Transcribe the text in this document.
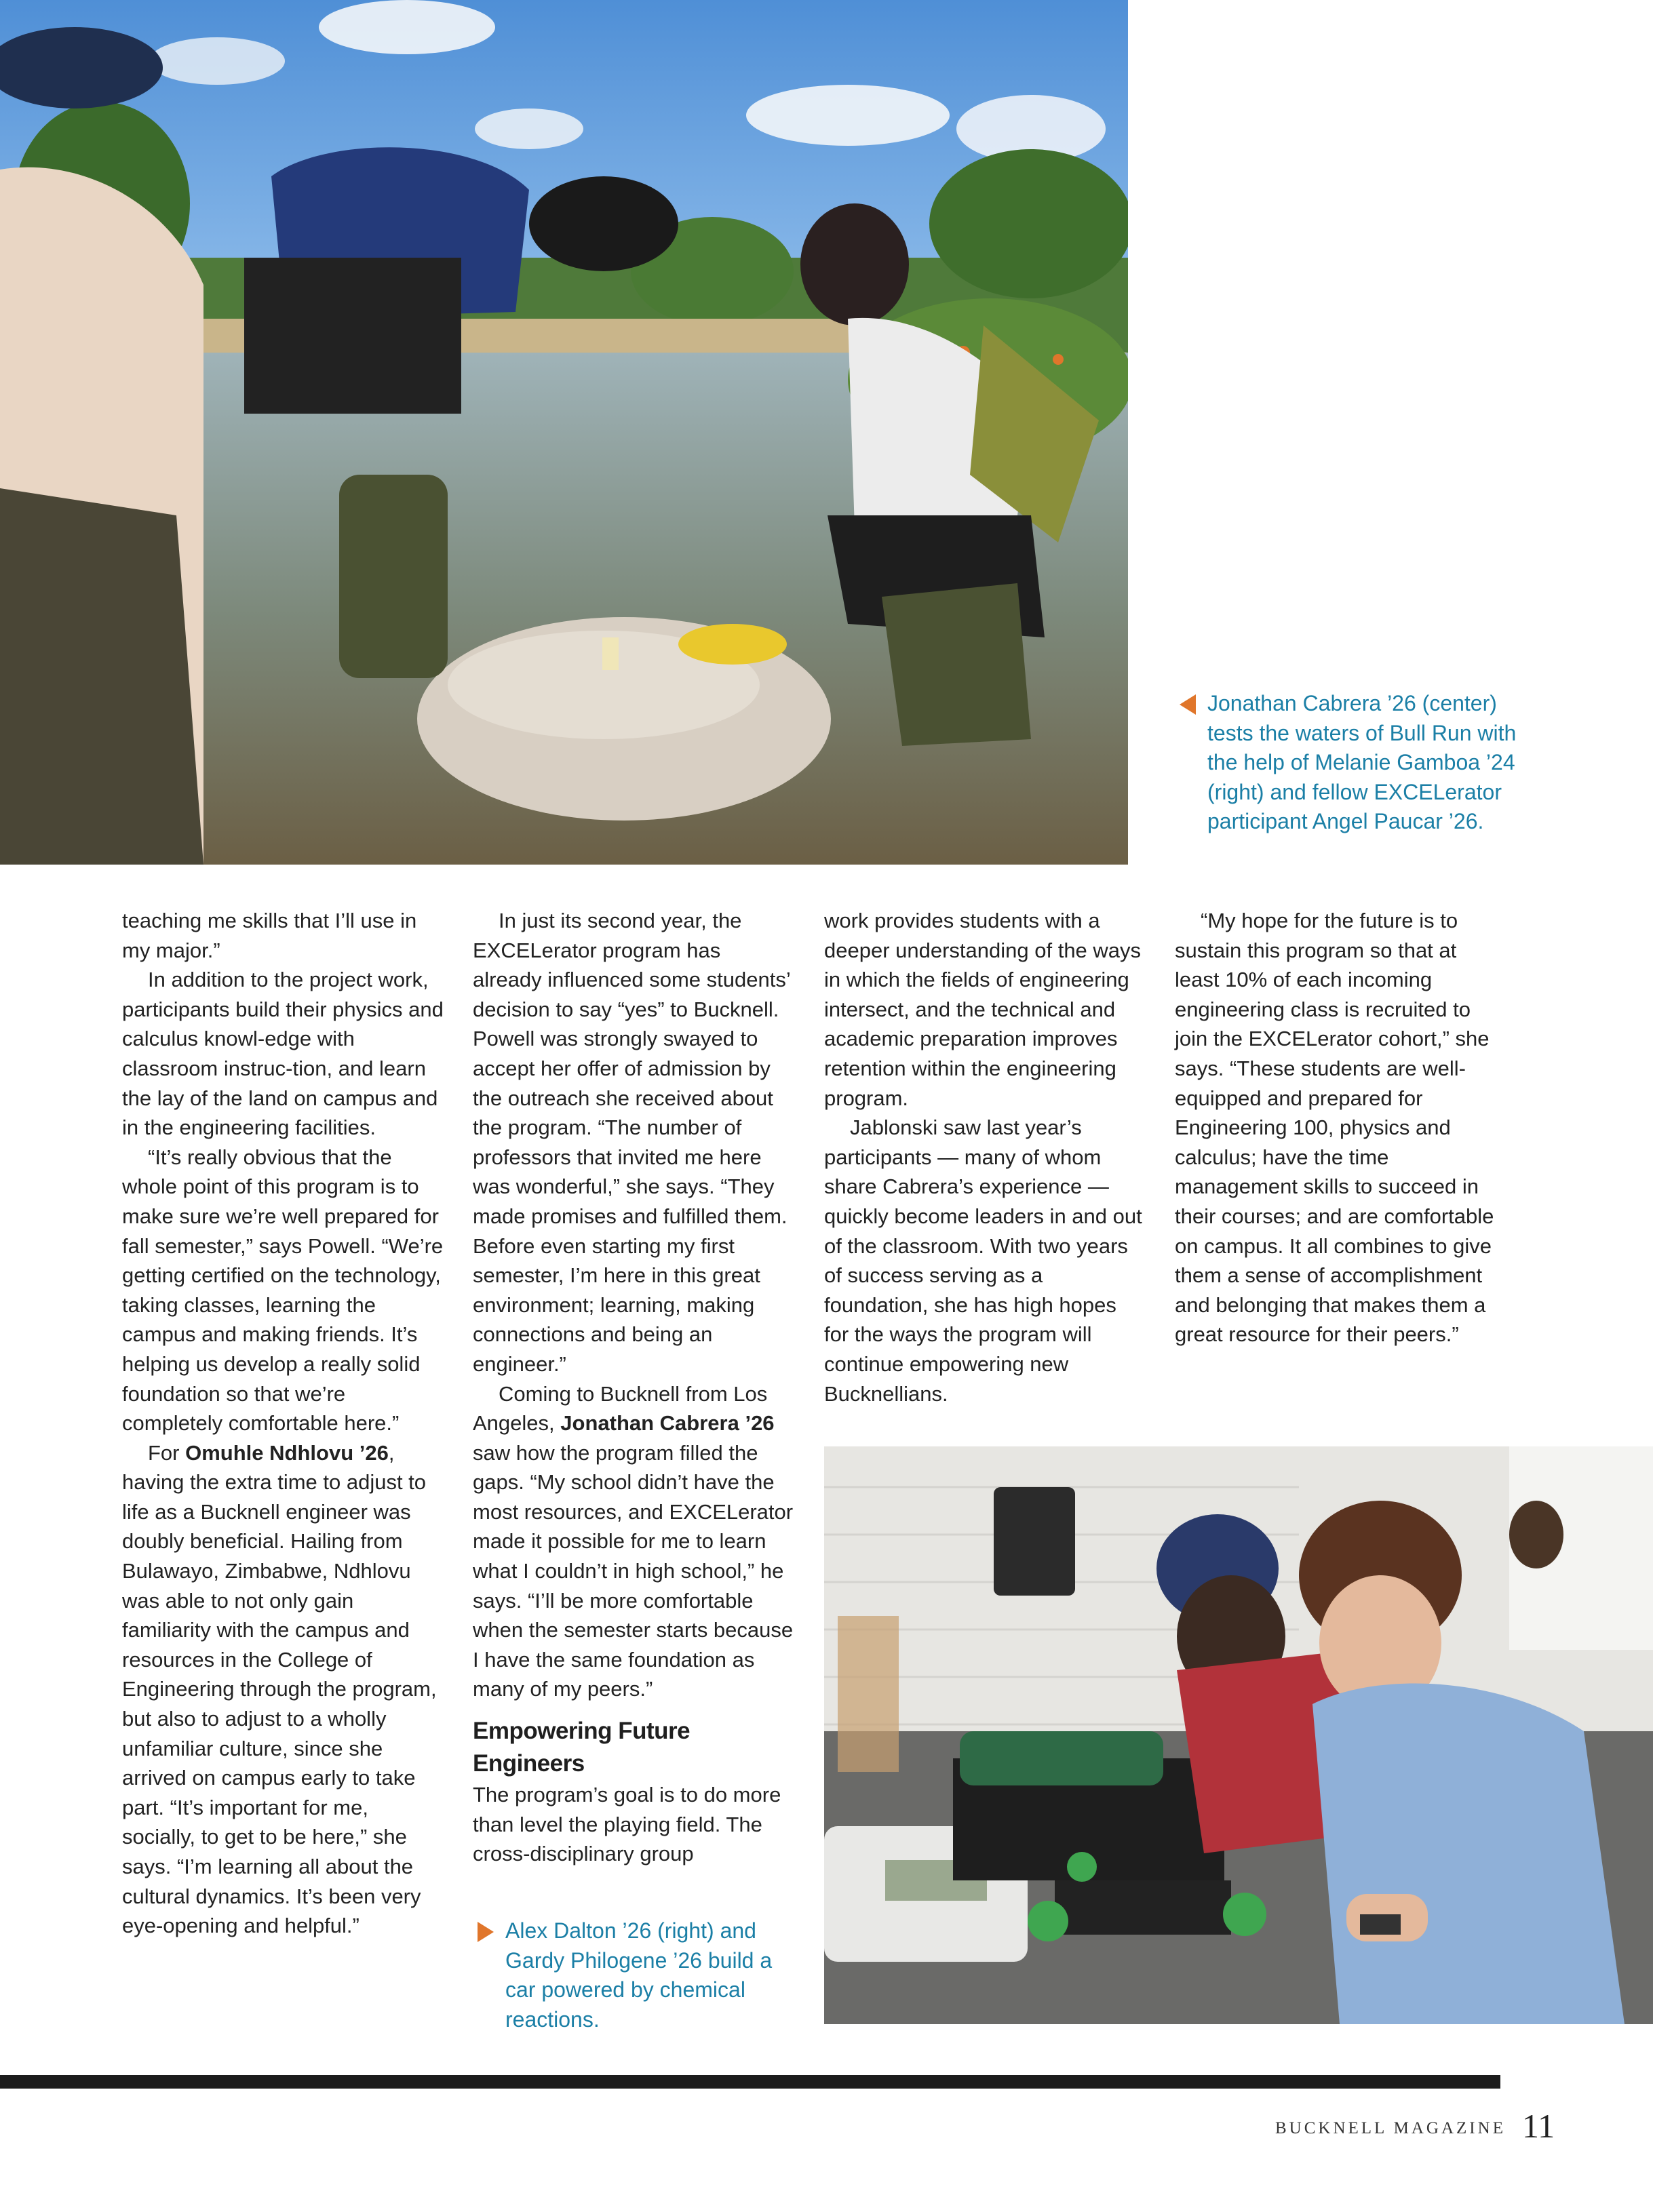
Jonathan Cabrera ’26 (center) tests the waters of Bull Run with the help of Melanie Gamboa ’24 (right) and fellow EXCELerator participant Angel Paucar ’26.

teaching me skills that I’ll use in my major.”

In addition to the project work, participants build their physics and calculus knowl-edge with classroom instruc-tion, and learn the lay of the land on campus and in the engineering facilities.

“It’s really obvious that the whole point of this program is to make sure we’re well prepared for fall semester,” says Powell. “We’re getting certified on the technology, taking classes, learning the campus and making friends. It’s helping us develop a really solid foundation so that we’re completely comfortable here.”

For Omuhle Ndhlovu ’26, having the extra time to adjust to life as a Bucknell engineer was doubly beneficial. Hailing from Bulawayo, Zimbabwe, Ndhlovu was able to not only gain familiarity with the campus and resources in the College of Engineering through the program, but also to adjust to a wholly unfamiliar culture, since she arrived on campus early to take part. “It’s important for me, socially, to get to be here,” she says. “I’m learning all about the cultural dynamics. It’s been very eye-opening and helpful.”

In just its second year, the EXCELerator program has already influenced some students’ decision to say “yes” to Bucknell. Powell was strongly swayed to accept her offer of admission by the outreach she received about the program. “The number of professors that invited me here was wonderful,” she says. “They made promises and fulfilled them. Before even starting my first semester, I’m here in this great environment; learning, making connections and being an engineer.”

Coming to Bucknell from Los Angeles, Jonathan Cabrera ’26 saw how the program filled the gaps. “My school didn’t have the most resources, and EXCELerator made it possible for me to learn what I couldn’t in high school,” he says. “I’ll be more comfortable when the semester starts because I have the same foundation as many of my peers.”

Empowering Future Engineers

The program’s goal is to do more than level the playing field. The cross-disciplinary group

Alex Dalton ’26 (right) and Gardy Philogene ’26 build a car powered by chemical reactions.

work provides students with a deeper understanding of the ways in which the fields of engineering intersect, and the technical and academic preparation improves retention within the engineering program.

Jablonski saw last year’s participants — many of whom share Cabrera’s experience — quickly become leaders in and out of the classroom. With two years of success serving as a foundation, she has high hopes for the ways the program will continue empowering new Bucknellians.

“My hope for the future is to sustain this program so that at least 10% of each incoming engineering class is recruited to join the EXCELerator cohort,” she says. “These students are well-equipped and prepared for Engineering 100, physics and calculus; have the time management skills to succeed in their courses; and are comfortable on campus. It all combines to give them a sense of accomplishment and belonging that makes them a great resource for their peers.”

BUCKNELL MAGAZINE 11
